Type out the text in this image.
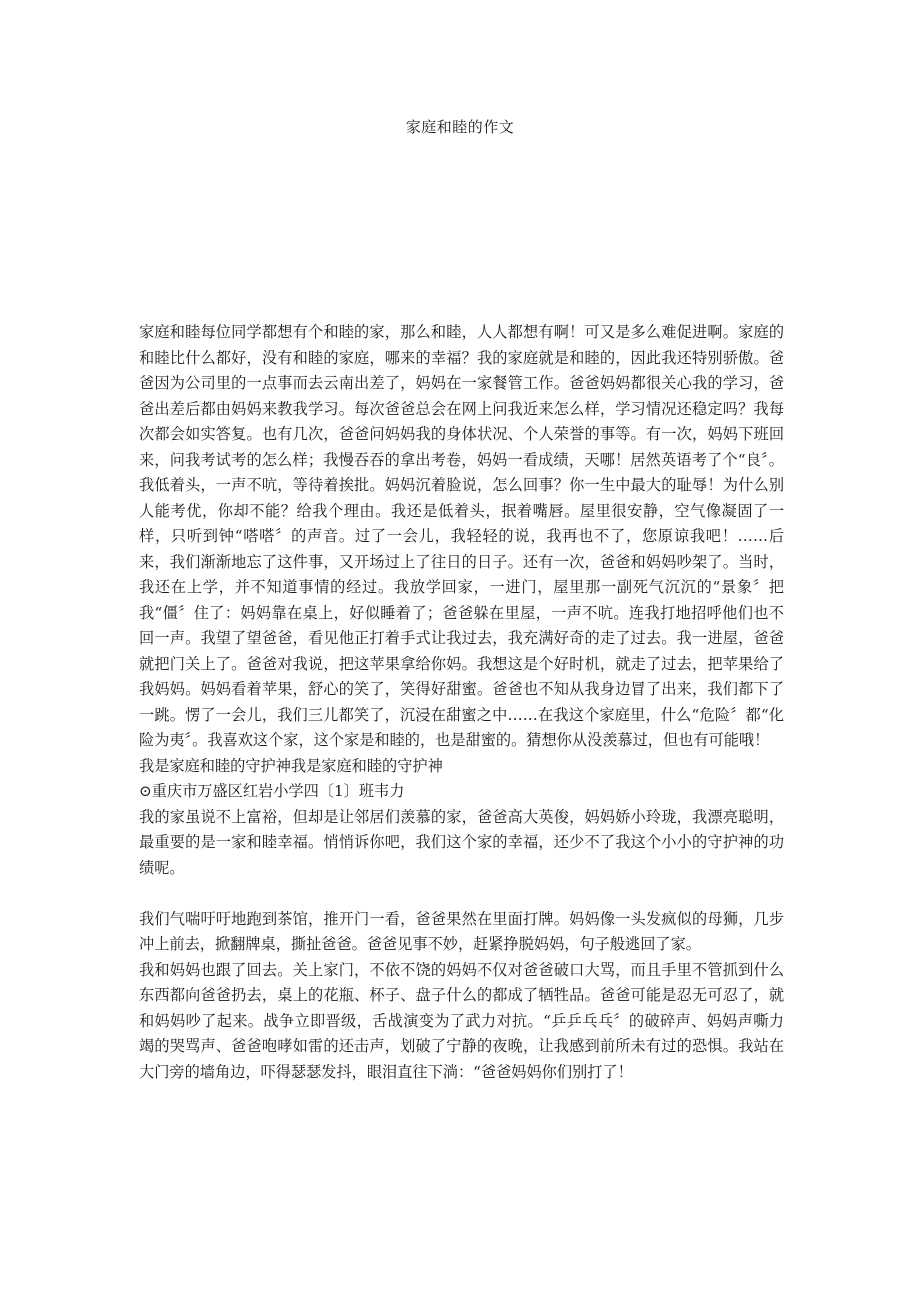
家庭和睦的作文

家庭和睦每位同学都想有个和睦的家，那么和睦，人人都想有啊！可又是多么难促进啊。家庭的和睦比什么都好，没有和睦的家庭，哪来的幸福？我的家庭就是和睦的，因此我还特别骄傲。爸爸因为公司里的一点事而去云南出差了，妈妈在一家餐管工作。爸爸妈妈都很关心我的学习，爸爸出差后都由妈妈来教我学习。每次爸爸总会在网上问我近来怎么样，学习情况还稳定吗？我每次都会如实答复。也有几次，爸爸问妈妈我的身体状况、个人荣誉的事等。有一次，妈妈下班回来，问我考试考的怎么样；我慢吞吞的拿出考卷，妈妈一看成绩，天哪！居然英语考了个“良〞。我低着头，一声不吭，等待着挨批。妈妈沉着脸说，怎么回事？你一生中最大的耻辱！为什么别人能考优，你却不能？给我个理由。我还是低着头，抿着嘴唇。屋里很安静，空气像凝固了一样，只听到钟“嗒嗒〞的声音。过了一会儿，我轻轻的说，我再也不了，您原谅我吧！……后来，我们渐渐地忘了这件事，又开场过上了往日的日子。还有一次，爸爸和妈妈吵架了。当时，我还在上学，并不知道事情的经过。我放学回家，一进门，屋里那一副死气沉沉的“景象〞把我“僵〞住了：妈妈靠在桌上，好似睡着了；爸爸躲在里屋，一声不吭。连我打地招呼他们也不回一声。我望了望爸爸，看见他正打着手式让我过去，我充满好奇的走了过去。我一进屋，爸爸就把门关上了。爸爸对我说，把这苹果拿给你妈。我想这是个好时机，就走了过去，把苹果给了我妈妈。妈妈看着苹果，舒心的笑了，笑得好甜蜜。爸爸也不知从我身边冒了出来，我们都下了一跳。愣了一会儿，我们三儿都笑了，沉浸在甜蜜之中……在我这个家庭里，什么“危险〞都“化险为夷〞。我喜欢这个家，这个家是和睦的，也是甜蜜的。猜想你从没羡慕过，但也有可能哦！

我是家庭和睦的守护神我是家庭和睦的守护神

⊙重庆市万盛区红岩小学四〔1〕班韦力

我的家虽说不上富裕，但却是让邻居们羡慕的家，爸爸高大英俊，妈妈娇小玲珑，我漂亮聪明，最重要的是一家和睦幸福。悄悄诉你吧，我们这个家的幸福，还少不了我这个小小的守护神的功绩呢。

我们气喘吁吁地跑到茶馆，推开门一看，爸爸果然在里面打牌。妈妈像一头发疯似的母狮，几步冲上前去，掀翻牌桌，撕扯爸爸。爸爸见事不妙，赶紧挣脱妈妈，句子般逃回了家。

我和妈妈也跟了回去。关上家门，不依不饶的妈妈不仅对爸爸破口大骂，而且手里不管抓到什么东西都向爸爸扔去，桌上的花瓶、杯子、盘子什么的都成了牺牲品。爸爸可能是忍无可忍了，就和妈妈吵了起来。战争立即晋级，舌战演变为了武力对抗。“乒乒乓乓〞的破碎声、妈妈声嘶力竭的哭骂声、爸爸咆哮如雷的还击声，划破了宁静的夜晚，让我感到前所未有过的恐惧。我站在大门旁的墙角边，吓得瑟瑟发抖，眼泪直往下淌：“爸爸妈妈你们别打了！
